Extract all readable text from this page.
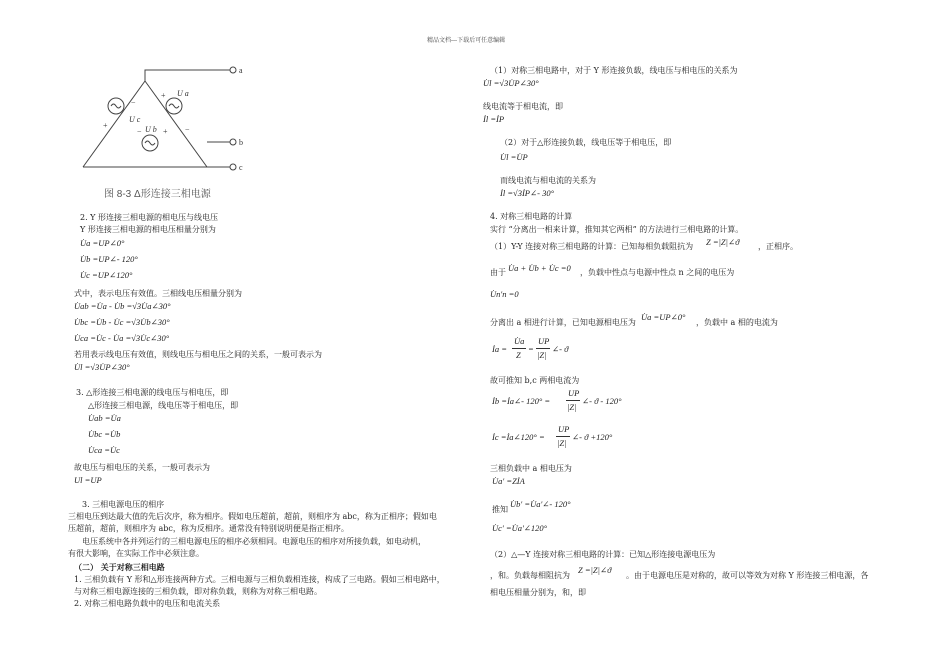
精品文档---下载后可任意编辑
−
+
+	−
−	+
a
b
c
U a
U c
U b
图 8-3 Δ形连接三相电源
2. Y 形连接三相电源的相电压与线电压
Y 形连接三相电源的相电压相量分别为
U̇a =UP∠0°
U̇b =UP∠- 120°
U̇c =UP∠120°
式中，表示电压有效值。三相线电压相量分别为
U̇ab =U̇a - U̇b =√3U̇a∠30°
U̇bc =U̇b - U̇c =√3U̇b∠30°
U̇ca =U̇c - U̇a =√3U̇c∠30°
若用表示线电压有效值，则线电压与相电压之间的关系，一般可表示为
U̇l =√3U̇P∠30°
3. △形连接三相电源的线电压与相电压，即
△形连接三相电源，线电压等于相电压，即
U̇ab =U̇a
U̇bc =U̇b
U̇ca =U̇c
故电压与相电压的关系，一般可表示为
Ul =UP
3. 三相电源电压的相序
三相电压到达最大值的先后次序，称为相序。假如电压超前，超前，则相序为 abc，称为正相序；假如电
压超前，超前，则相序为 abc，称为反相序。通常没有特别说明便是指正相序。
电压系统中各并列运行的三相电源电压的相序必须相同。电源电压的相序对所接负载，如电动机，
有很大影响，在实际工作中必须注意。
（二） 关于对称三相电路
1. 三相负载有 Y 形和△形连接两种方式。三相电源与三相负载相连接，构成了三电路。假如三相电路中，
与对称三相电源连接的三相负载，即对称负载，则称为对称三相电路。
2. 对称三相电路负载中的电压和电流关系
（1）对称三相电路中，对于 Y 形连接负载，线电压与相电压的关系为
U̇l =√3U̇P∠30°
线电流等于相电流，即
İl =İP
（2）对于△形连接负载，线电压等于相电压，即
U̇l =U̇P
而线电流与相电流的关系为
İl =√3İP∠- 30°
4. 对称三相电路的计算
实行 “分离出一相来计算，推知其它两相” 的方法进行三相电路的计算。
（1）Y-Y 连接对称三相电路的计算：已知每相负载阻抗为 Z =|Z|∠ϑ ，正相序。
由于 U̇a + U̇b + U̇c =0 ，负载中性点与电源中性点 n 之间的电压为
U̇n'n =0
分离出 a 相进行计算，已知电源相电压为
U̇a =UP∠0°
，负载中 a 相的电流为
İa =
U̇a
Z
=
UP
|Z|
∠- ϑ
故可推知 b,c 两相电流为
İb =İa∠- 120° =
UP
|Z|
∠- ϑ - 120°
İc =İa∠120° =
UP
|Z|
∠- ϑ +120°
三相负载中 a 相电压为
U̇a' =ZİA
推知
U̇b' =U̇a'∠- 120°
U̇c' =U̇a'∠120°
（2）△—Y 连接对称三相电路的计算：已知△形连接电源电压为
，和。负载每相阻抗为
Z =|Z|∠ϑ
。由于电源电压是对称的，故可以等效为对称 Y 形连接三相电源，各
相电压相量分别为，和，即
